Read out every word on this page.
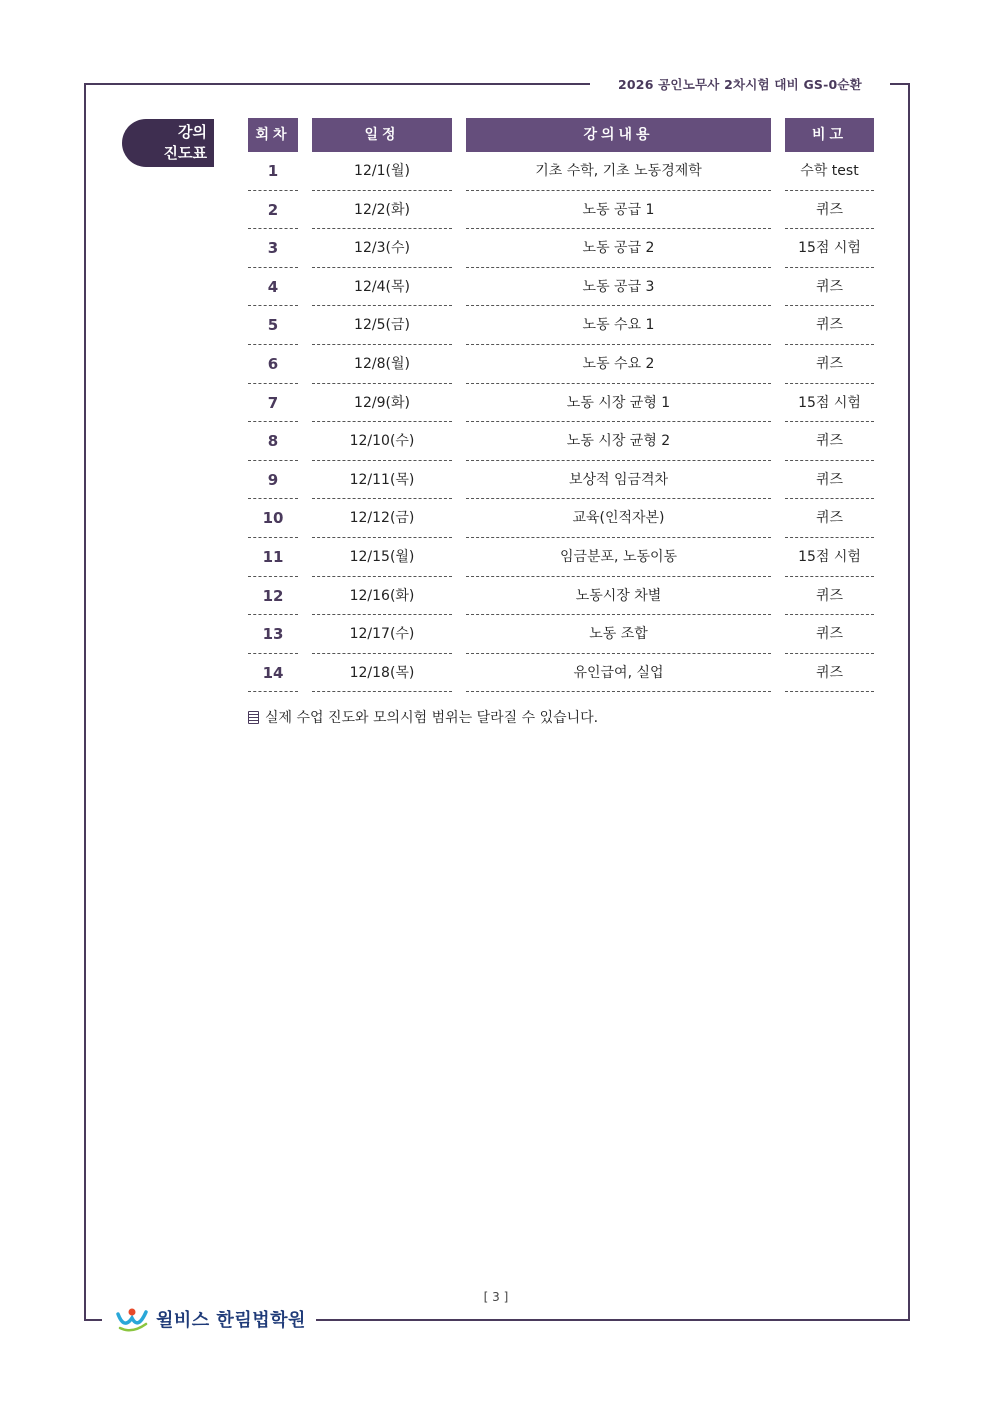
2026 공인노무사 2차시험 대비 GS-0순환
강의
진도표
회차
1
2
3
4
5
6
7
8
9
10
11
12
13
14
일정
12/1(월)
12/2(화)
12/3(수)
12/4(목)
12/5(금)
12/8(월)
12/9(화)
12/10(수)
12/11(목)
12/12(금)
12/15(월)
12/16(화)
12/17(수)
12/18(목)
강의내용
기초 수학, 기초 노동경제학
노동 공급 1
노동 공급 2
노동 공급 3
노동 수요 1
노동 수요 2
노동 시장 균형 1
노동 시장 균형 2
보상적 임금격차
교육(인적자본)
임금분포, 노동이동
노동시장 차별
노동 조합
유인급여, 실업
비고
수학 test
퀴즈
15점 시험
퀴즈
퀴즈
퀴즈
15점 시험
퀴즈
퀴즈
퀴즈
15점 시험
퀴즈
퀴즈
퀴즈
실제 수업 진도와 모의시험 범위는 달라질 수 있습니다.
[ 3 ]
윌비스 한림법학원
